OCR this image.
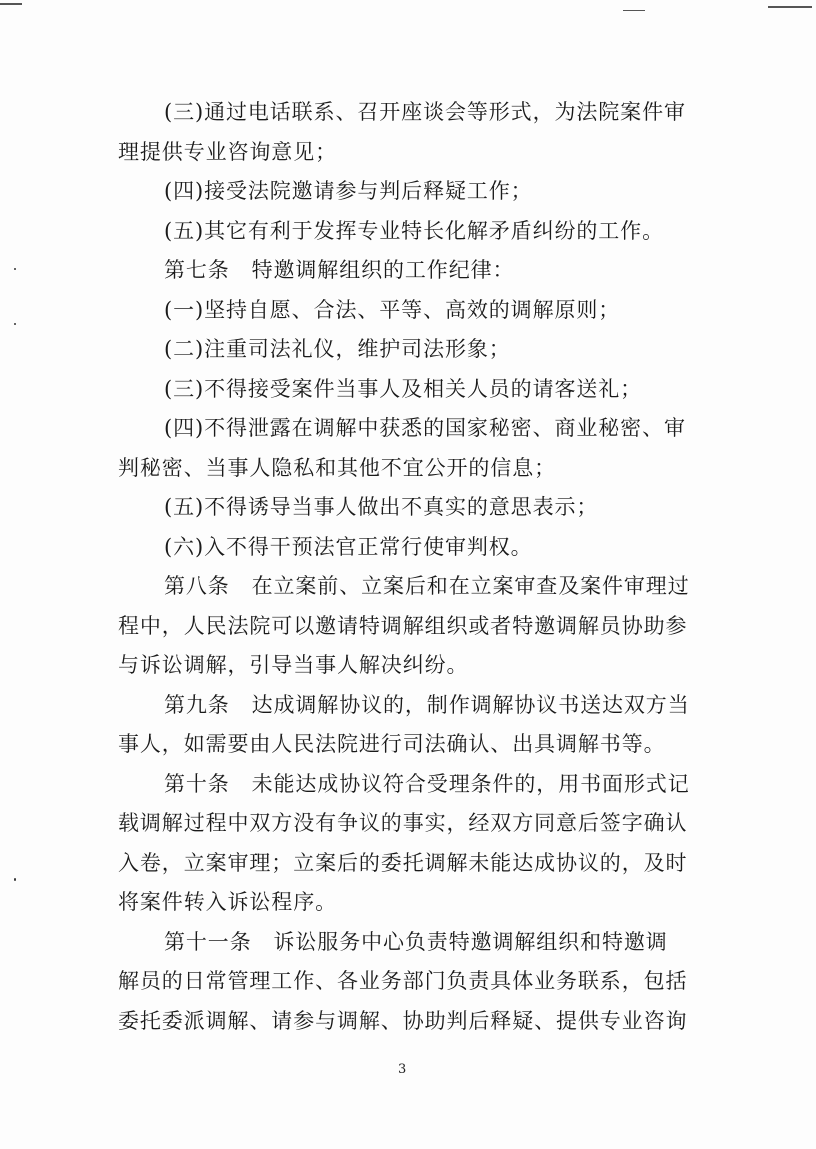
(三)通过电话联系、召开座谈会等形式，为法院案件审
理提供专业咨询意见；
(四)接受法院邀请参与判后释疑工作；
(五)其它有利于发挥专业特长化解矛盾纠纷的工作。
第七条　特邀调解组织的工作纪律：
(一)坚持自愿、合法、平等、高效的调解原则；
(二)注重司法礼仪，维护司法形象；
(三)不得接受案件当事人及相关人员的请客送礼；
(四)不得泄露在调解中获悉的国家秘密、商业秘密、审
判秘密、当事人隐私和其他不宜公开的信息；
(五)不得诱导当事人做出不真实的意思表示；
(六)入不得干预法官正常行使审判权。
第八条　在立案前、立案后和在立案审查及案件审理过
程中，人民法院可以邀请特调解组织或者特邀调解员协助参
与诉讼调解，引导当事人解决纠纷。
第九条　达成调解协议的，制作调解协议书送达双方当
事人，如需要由人民法院进行司法确认、出具调解书等。
第十条　未能达成协议符合受理条件的，用书面形式记
载调解过程中双方没有争议的事实，经双方同意后签字确认
入卷，立案审理；立案后的委托调解未能达成协议的，及时
将案件转入诉讼程序。
第十一条　诉讼服务中心负责特邀调解组织和特邀调
解员的日常管理工作、各业务部门负责具体业务联系，包括
委托委派调解、请参与调解、协助判后释疑、提供专业咨询
3
